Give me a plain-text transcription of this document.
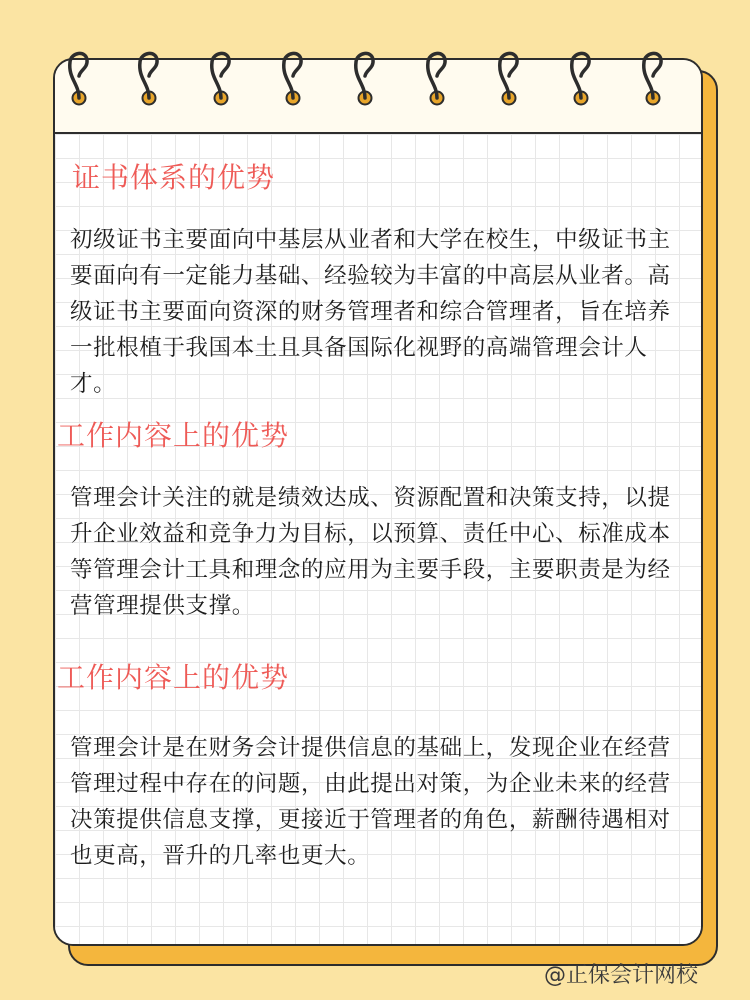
证书体系的优势

初级证书主要面向中基层从业者和大学在校生，中级证书主要面向有一定能力基础、经验较为丰富的中高层从业者。高级证书主要面向资深的财务管理者和综合管理者，旨在培养一批根植于我国本土且具备国际化视野的高端管理会计人才。

工作内容上的优势

管理会计关注的就是绩效达成、资源配置和决策支持，以提升企业效益和竞争力为目标，以预算、责任中心、标准成本等管理会计工具和理念的应用为主要手段，主要职责是为经营管理提供支撑。

工作内容上的优势

管理会计是在财务会计提供信息的基础上，发现企业在经营管理过程中存在的问题，由此提出对策，为企业未来的经营决策提供信息支撑，更接近于管理者的角色，薪酬待遇相对也更高，晋升的几率也更大。

@正保会计网校
